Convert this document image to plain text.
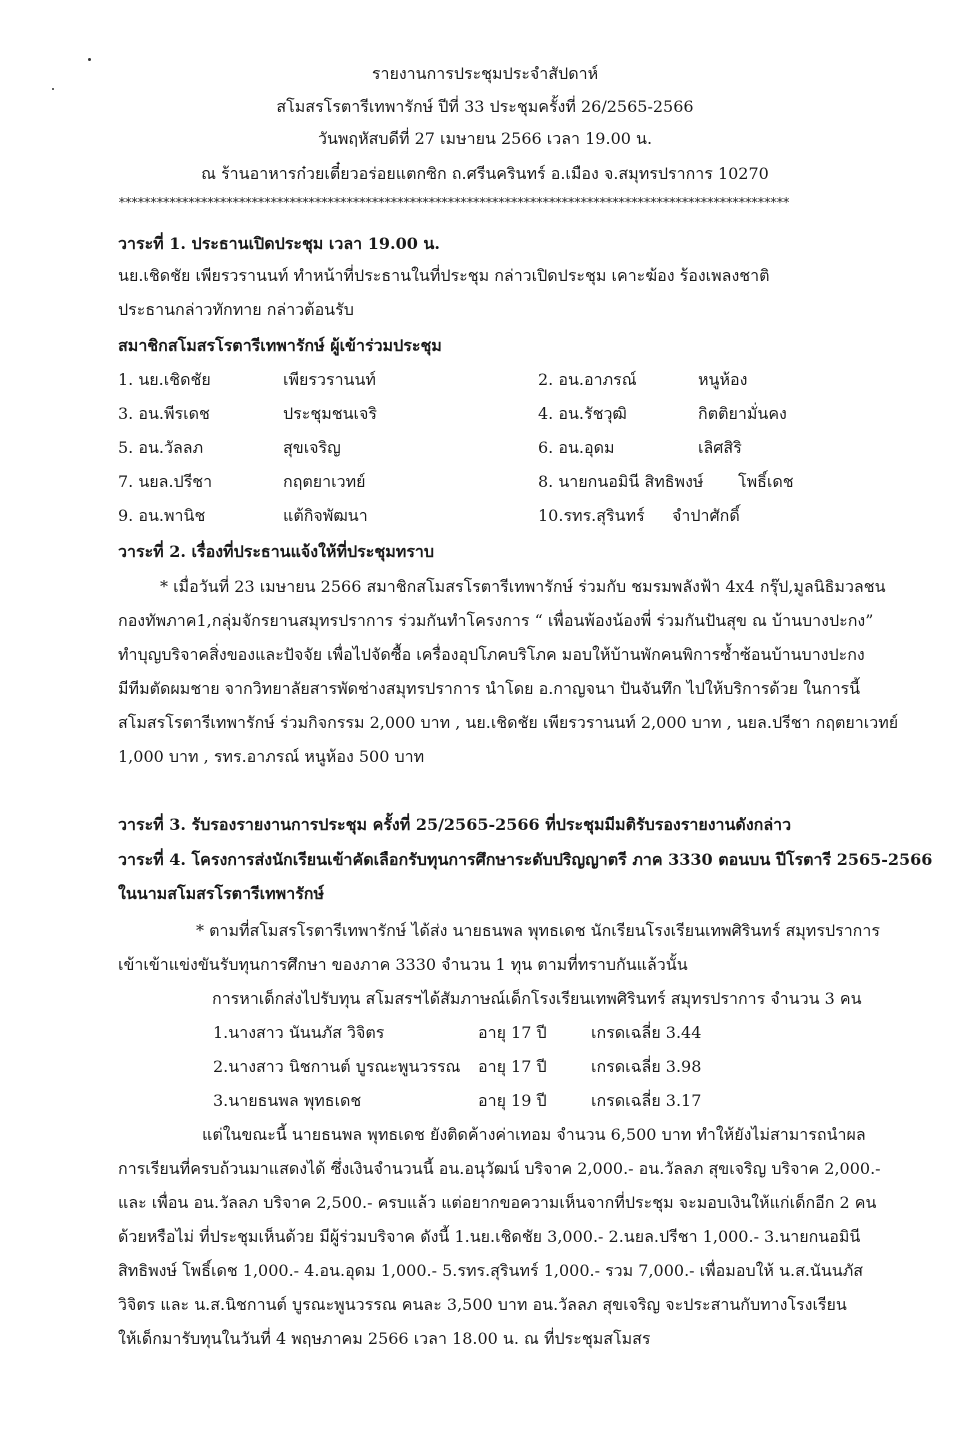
รายงานการประชุมประจำสัปดาห์
สโมสรโรตารีเทพารักษ์ ปีที่ 33 ประชุมครั้งที่ 26/2565-2566
วันพฤหัสบดีที่ 27 เมษายน 2566 เวลา 19.00 น.
ณ ร้านอาหารก๋วยเตี๋ยวอร่อยแตกซิก ถ.ศรีนครินทร์ อ.เมือง จ.สมุทรปราการ 10270
**********************************************************************************************************
วาระที่ 1. ประธานเปิดประชุม เวลา 19.00 น.
นย.เชิดชัย เพียรวรานนท์ ทำหน้าที่ประธานในที่ประชุม กล่าวเปิดประชุม เคาะฆ้อง ร้องเพลงชาติ
ประธานกล่าวทักทาย กล่าวต้อนรับ
สมาชิกสโมสรโรตารีเทพารักษ์ ผู้เข้าร่วมประชุม
1. นย.เชิดชัย	เพียรวรานนท์	2. อน.อาภรณ์	หนูห้อง
3. อน.พีรเดช	ประชุมชนเจริ	4. อน.รัชวุฒิ	กิตติยามั่นคง
5. อน.วัลลภ	สุขเจริญ	6. อน.อุดม	เลิศสิริ
7. นยล.ปรีชา	กฤตยาเวทย์	8. นายกนอมินี สิทธิพงษ์ โพธิ์เดช
9. อน.พานิช	แต้กิจพัฒนา	10.รทร.สุรินทร์ จำปาศักดิ์
วาระที่ 2. เรื่องที่ประธานแจ้งให้ที่ประชุมทราบ
* เมื่อวันที่ 23 เมษายน 2566 สมาชิกสโมสรโรตารีเทพารักษ์ ร่วมกับ ชมรมพลังฟ้า 4x4 กรุ๊ป,มูลนิธิมวลชน
กองทัพภาค1,กลุ่มจักรยานสมุทรปราการ ร่วมกันทำโครงการ “ เพื่อนพ้องน้องพี่ ร่วมกันปันสุข ณ บ้านบางปะกง”
ทำบุญบริจาคสิ่งของและปัจจัย เพื่อไปจัดซื้อ เครื่องอุปโภคบริโภค มอบให้บ้านพักคนพิการซ้ำซ้อนบ้านบางปะกง
มีทีมตัดผมชาย จากวิทยาลัยสารพัดช่างสมุทรปราการ นำโดย อ.กาญจนา ปันจันทึก ไปให้บริการด้วย ในการนี้
สโมสรโรตารีเทพารักษ์ ร่วมกิจกรรม 2,000 บาท , นย.เชิดชัย เพียรวรานนท์ 2,000 บาท , นยล.ปรีชา กฤตยาเวทย์
1,000 บาท , รทร.อาภรณ์ หนูห้อง 500 บาท
วาระที่ 3. รับรองรายงานการประชุม ครั้งที่ 25/2565-2566 ที่ประชุมมีมติรับรองรายงานดังกล่าว
วาระที่ 4. โครงการส่งนักเรียนเข้าคัดเลือกรับทุนการศึกษาระดับปริญญาตรี ภาค 3330 ตอนบน ปีโรตารี 2565-2566
ในนามสโมสรโรตารีเทพารักษ์
* ตามที่สโมสรโรตารีเทพารักษ์ ได้ส่ง นายธนพล พุทธเดช นักเรียนโรงเรียนเทพศิรินทร์ สมุทรปราการ
เข้าเข้าแข่งขันรับทุนการศึกษา ของภาค 3330 จำนวน 1 ทุน ตามที่ทราบกันแล้วนั้น
การหาเด็กส่งไปรับทุน สโมสรฯได้สัมภาษณ์เด็กโรงเรียนเทพศิรินทร์ สมุทรปราการ จำนวน 3 คน
1.นางสาว นันนภัส วิจิตร	อายุ 17 ปี	เกรดเฉลี่ย 3.44
2.นางสาว นิชกานต์ บูรณะพูนวรรณ อายุ 17 ปี	เกรดเฉลี่ย 3.98
3.นายธนพล พุทธเดช	อายุ 19 ปี	เกรดเฉลี่ย 3.17
แต่ในขณะนี้ นายธนพล พุทธเดช ยังติดค้างค่าเทอม จำนวน 6,500 บาท ทำให้ยังไม่สามารถนำผล
การเรียนที่ครบถ้วนมาแสดงได้ ซึ่งเงินจำนวนนี้ อน.อนุวัฒน์ บริจาค 2,000.- อน.วัลลภ สุขเจริญ บริจาค 2,000.-
และ เพื่อน อน.วัลลภ บริจาค 2,500.- ครบแล้ว แต่อยากขอความเห็นจากที่ประชุม จะมอบเงินให้แก่เด็กอีก 2 คน
ด้วยหรือไม่ ที่ประชุมเห็นด้วย มีผู้ร่วมบริจาค ดังนี้ 1.นย.เชิดชัย 3,000.- 2.นยล.ปรีชา 1,000.- 3.นายกนอมินี
สิทธิพงษ์ โพธิ์เดช 1,000.- 4.อน.อุดม 1,000.- 5.รทร.สุรินทร์ 1,000.- รวม 7,000.- เพื่อมอบให้ น.ส.นันนภัส
วิจิตร และ น.ส.นิชกานต์ บูรณะพูนวรรณ คนละ 3,500 บาท อน.วัลลภ สุขเจริญ จะประสานกับทางโรงเรียน
ให้เด็กมารับทุนในวันที่ 4 พฤษภาคม 2566 เวลา 18.00 น. ณ ที่ประชุมสโมสร
